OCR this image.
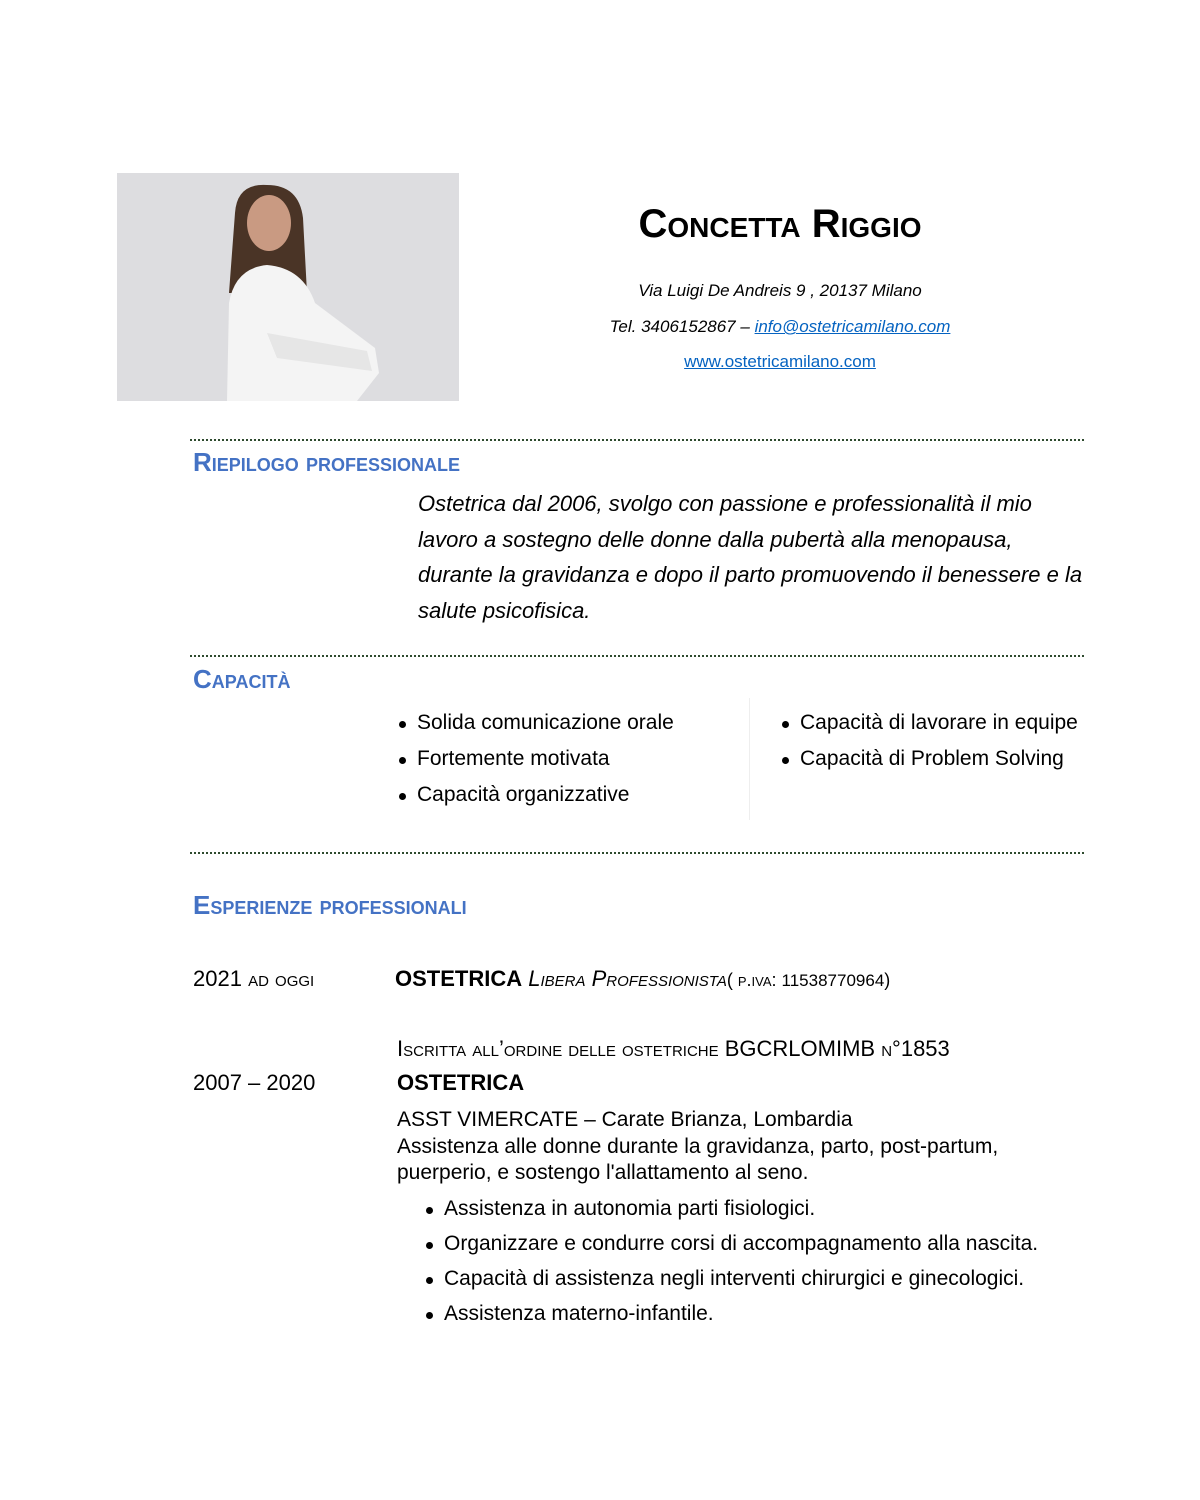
Concetta Riggio
Via Luigi De Andreis 9 , 20137 Milano
Tel. 3406152867 – info@ostetricamilano.com
www.ostetricamilano.com
Riepilogo professionale
Ostetrica dal 2006, svolgo con passione e professionalità il mio lavoro a sostegno delle donne dalla pubertà alla menopausa, durante la gravidanza e dopo il parto promuovendo il benessere e la salute psicofisica.
Capacità
Solida comunicazione orale
Fortemente motivata
Capacità organizzative
Capacità di lavorare in equipe
Capacità di Problem Solving
Esperienze professionali
2021 ad oggi	OSTETRICA Libera Professionista( p.iva: 11538770964)
Iscritta all’ordine delle ostetriche BGCRLOMIMB n°1853
2007 – 2020	OSTETRICA
ASST VIMERCATE – Carate Brianza, Lombardia
Assistenza alle donne durante la gravidanza, parto, post-partum, puerperio, e sostengo l'allattamento al seno.
Assistenza in autonomia parti fisiologici.
Organizzare e condurre corsi di accompagnamento alla nascita.
Capacità di assistenza negli interventi chirurgici e ginecologici.
Assistenza materno-infantile.
